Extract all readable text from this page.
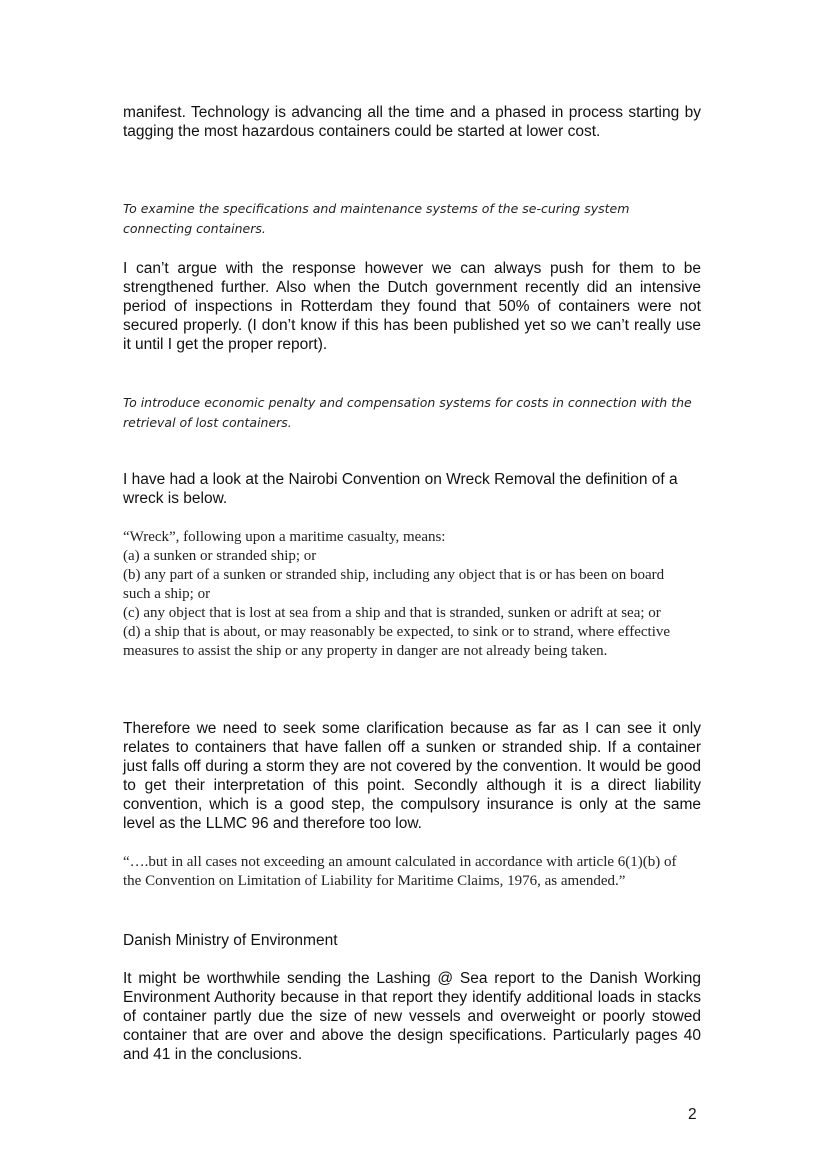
manifest. Technology is advancing all the time and a phased in process starting by tagging the most hazardous containers could be started at lower cost.

To examine the specifications and maintenance systems of the se-curing system connecting containers.

I can’t argue with the response however we can always push for them to be strengthened further. Also when the Dutch government recently did an intensive period of inspections in Rotterdam they found that 50% of containers were not secured properly. (I don’t know if this has been published yet so we can’t really use it until I get the proper report).

To introduce economic penalty and compensation systems for costs in connection with the retrieval of lost containers.

I have had a look at the Nairobi Convention on Wreck Removal the definition of a wreck is below.

“Wreck”, following upon a maritime casualty, means:

(a) a sunken or stranded ship; or

(b) any part of a sunken or stranded ship, including any object that is or has been on board such a ship; or

(c) any object that is lost at sea from a ship and that is stranded, sunken or adrift at sea; or

(d) a ship that is about, or may reasonably be expected, to sink or to strand, where effective measures to assist the ship or any property in danger are not already being taken.

Therefore we need to seek some clarification because as far as I can see it only relates to containers that have fallen off a sunken or stranded ship. If a container just falls off during a storm they are not covered by the convention. It would be good to get their interpretation of this point. Secondly although it is a direct liability convention, which is a good step, the compulsory insurance is only at the same level as the LLMC 96 and therefore too low.

“….but in all cases not exceeding an amount calculated in accordance with article 6(1)(b) of the Convention on Limitation of Liability for Maritime Claims, 1976, as amended.”

Danish Ministry of Environment

It might be worthwhile sending the Lashing @ Sea report to the Danish Working Environment Authority because in that report they identify additional loads in stacks of container partly due the size of new vessels and overweight or poorly stowed container that are over and above the design specifications. Particularly pages 40 and 41 in the conclusions.

2
